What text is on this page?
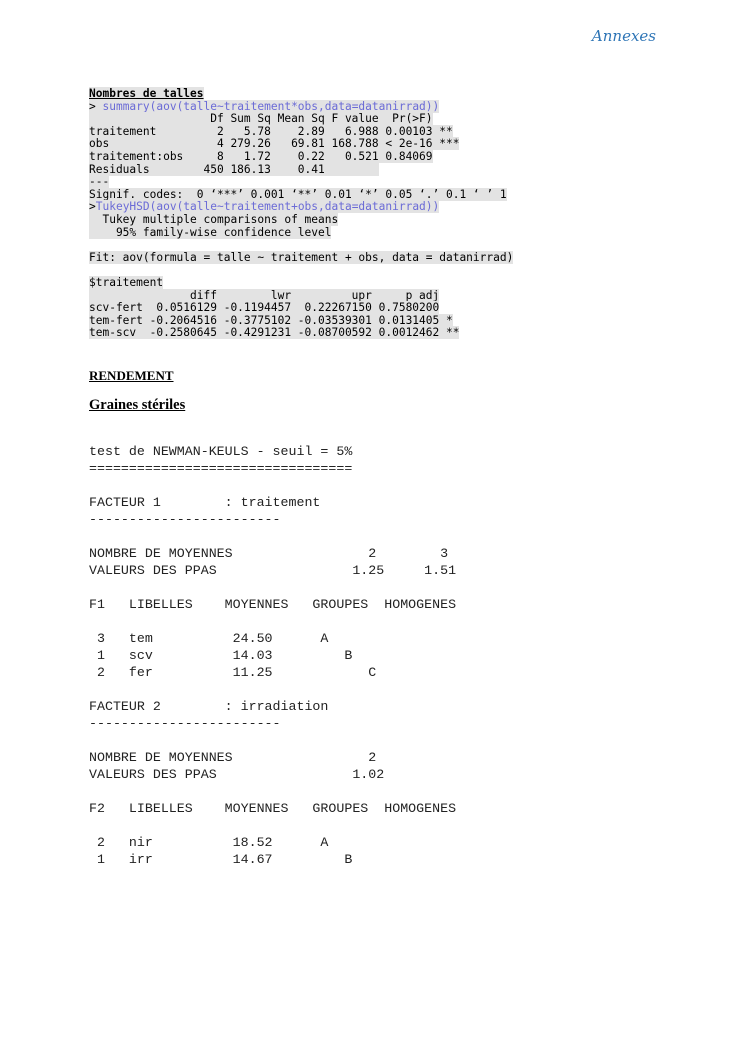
Annexes
Nombres de talles
> summary(aov(talle~traitement*obs,data=datanirrad))
Df Sum Sq Mean Sq F value  Pr(>F)
traitement         2   5.78    2.89   6.988 0.00103 **
obs                4 279.26   69.81 168.788 < 2e-16 ***
traitement:obs     8   1.72    0.22   0.521 0.84069
Residuals        450 186.13    0.41
---
Signif. codes:  0 ‘***’ 0.001 ‘**’ 0.01 ‘*’ 0.05 ‘.’ 0.1 ‘ ’ 1
>TukeyHSD(aov(talle~traitement+obs,data=datanirrad))
Tukey multiple comparisons of means
95% family-wise confidence level
Fit: aov(formula = talle ~ traitement + obs, data = datanirrad)
$traitement
diff        lwr         upr     p adj
scv-fert  0.0516129 -0.1194457  0.22267150 0.7580200
tem-fert -0.2064516 -0.3775102 -0.03539301 0.0131405 *
tem-scv  -0.2580645 -0.4291231 -0.08700592 0.0012462 **
RENDEMENT
Graines stériles
test de NEWMAN-KEULS - seuil = 5%
=================================
FACTEUR 1        : traitement
------------------------
NOMBRE DE MOYENNES                 2        3
VALEURS DES PPAS                 1.25     1.51
F1   LIBELLES    MOYENNES   GROUPES  HOMOGENES
3   tem          24.50      A
1   scv          14.03         B
2   fer          11.25            C
FACTEUR 2        : irradiation
------------------------
NOMBRE DE MOYENNES                 2
VALEURS DES PPAS                 1.02
F2   LIBELLES    MOYENNES   GROUPES  HOMOGENES
2   nir          18.52      A
1   irr          14.67         B
